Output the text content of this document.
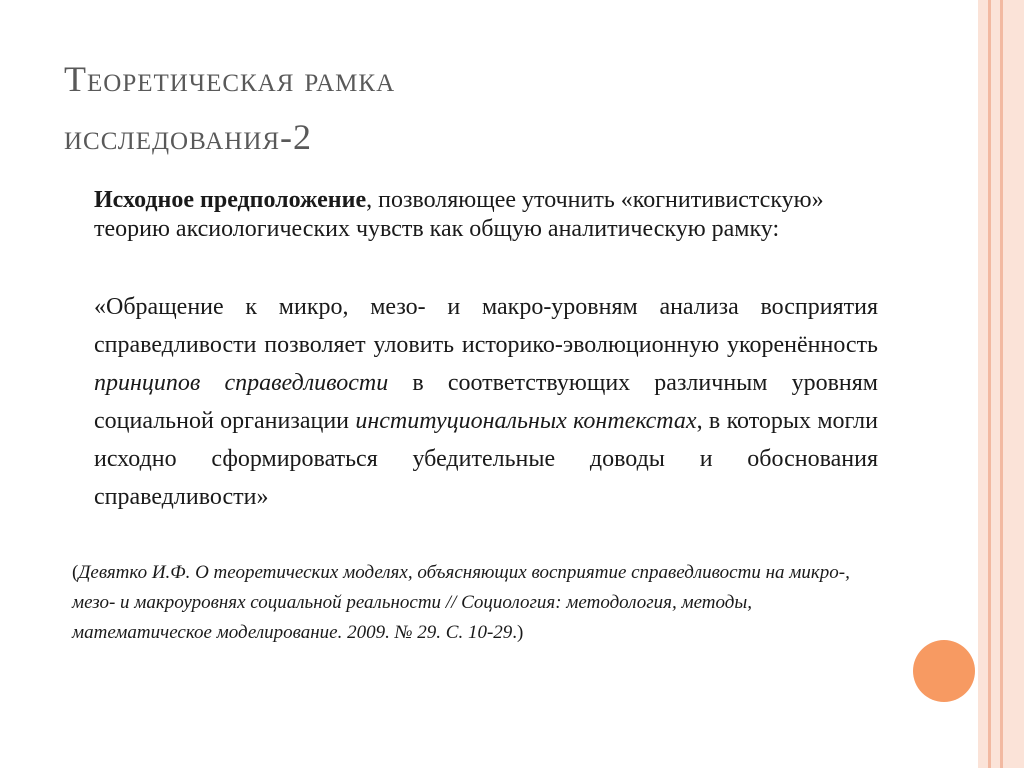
Теоретическая рамка
исследования-2
Исходное предположение, позволяющее уточнить «когнитивистскую» теорию аксиологических чувств как общую аналитическую рамку:
«Обращение к микро, мезо- и макро-уровням анализа восприятия справедливости позволяет уловить историко-эволюционную укоренённость принципов справедливости в соответствующих различным уровням социальной организации институциональных контекстах, в которых могли исходно сформироваться убедительные доводы и обоснования справедливости»
(Девятко И.Ф. О теоретических моделях, объясняющих восприятие справедливости на микро-, мезо- и макроуровнях социальной реальности // Социология: методология, методы, математическое моделирование. 2009. № 29. С. 10-29.)
